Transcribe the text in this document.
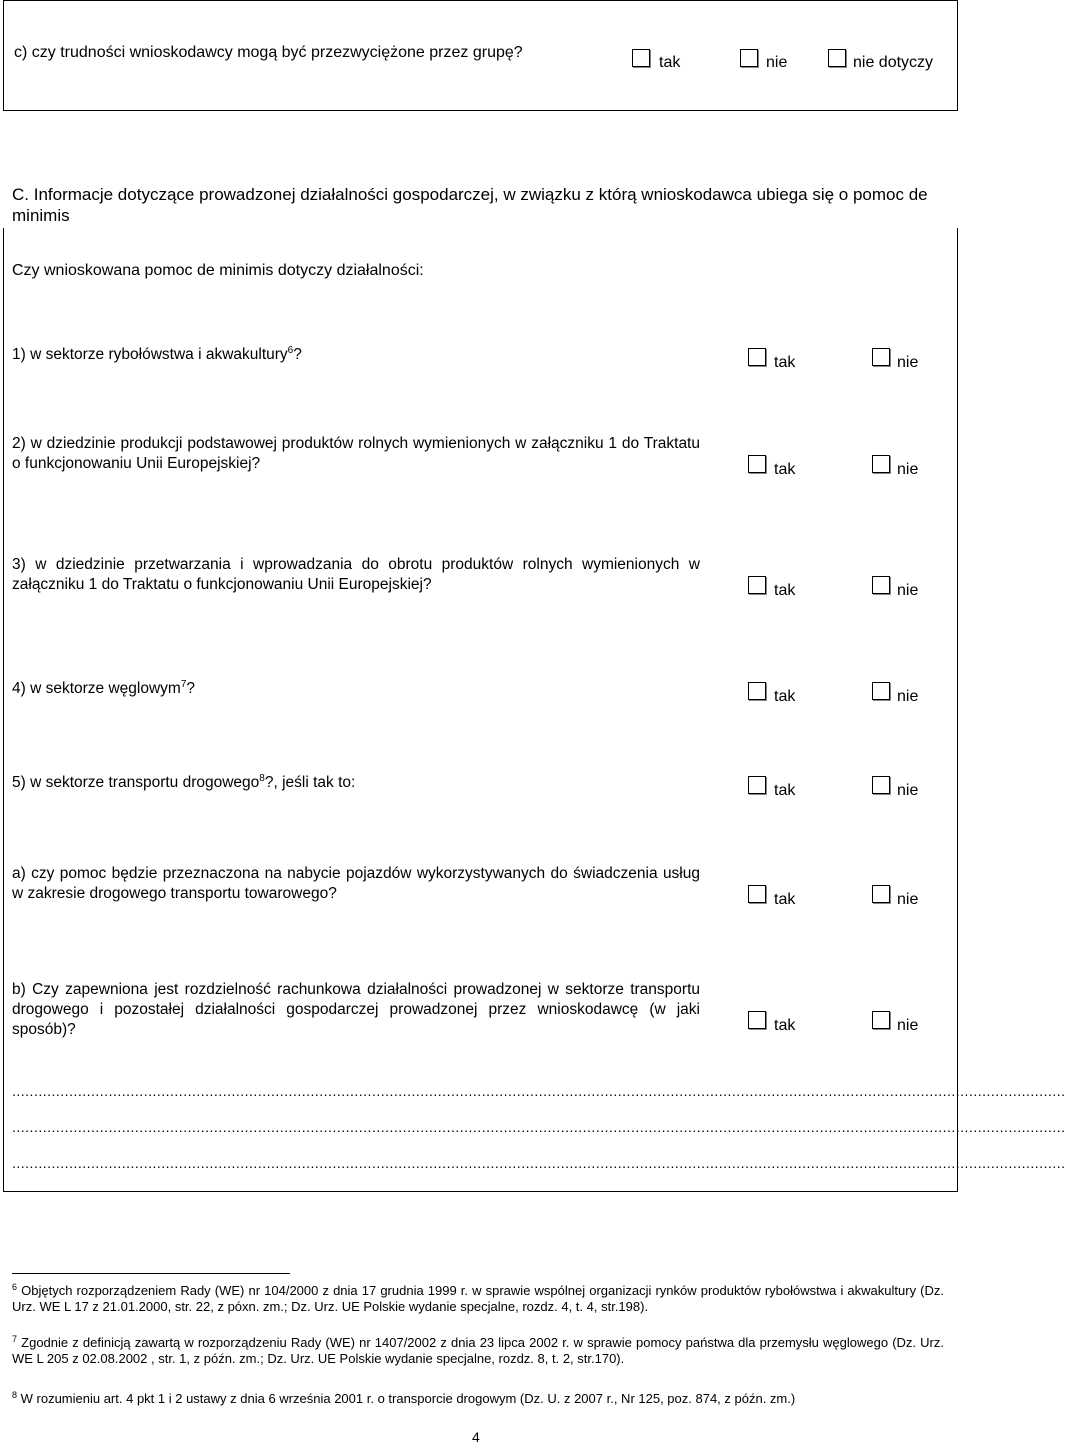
c) czy trudności wnioskodawcy mogą być przezwyciężone przez grupę?
tak	nie	nie dotyczy
C. Informacje dotyczące prowadzonej działalności gospodarczej, w związku z którą wnioskodawca ubiega się o pomoc de minimis
Czy wnioskowana pomoc de minimis dotyczy działalności:
1) w sektorze rybołówstwa i akwakultury$^6$?	tak	nie
2) w dziedzinie produkcji podstawowej produktów rolnych wymienionych w załączniku 1 do Traktatu o funkcjonowaniu Unii Europejskiej?	tak	nie
3) w dziedzinie przetwarzania i wprowadzania do obrotu produktów rolnych wymienionych w załączniku 1 do Traktatu o funkcjonowaniu Unii Europejskiej?	tak	nie
4) w sektorze węglowym$^7$?	tak	nie
5) w sektorze transportu drogowego$^8$?, jeśli tak to:	tak	nie
a) czy pomoc będzie przeznaczona na nabycie pojazdów wykorzystywanych do świadczenia usług w zakresie drogowego transportu towarowego?	tak	nie
b) Czy zapewniona jest rozdzielność rachunkowa działalności prowadzonej w sektorze transportu drogowego i pozostałej działalności gospodarczej prowadzonej przez wnioskodawcę (w jaki sposób)?	tak	nie
................................................................................................................................................................................................................................................
................................................................................................................................................................................................................................................
................................................................................................................................................................................................................................................
$^6$ Objętych rozporządzeniem Rady (WE) nr 104/2000 z dnia 17 grudnia 1999 r. w sprawie wspólnej organizacji rynków produktów rybołówstwa i akwakultury (Dz. Urz. WE L 17 z 21.01.2000, str. 22, z póxn. zm.; Dz. Urz. UE Polskie wydanie specjalne, rozdz. 4, t. 4, str.198).
$^7$ Zgodnie z definicją zawartą w rozporządzeniu Rady (WE) nr 1407/2002 z dnia 23 lipca 2002 r. w sprawie pomocy państwa dla przemysłu węglowego (Dz. Urz. WE L 205 z 02.08.2002 , str. 1, z późn. zm.; Dz. Urz. UE Polskie wydanie specjalne, rozdz. 8, t. 2, str.170).
$^8$ W rozumieniu art. 4 pkt 1 i 2 ustawy z dnia 6 września 2001 r. o transporcie drogowym (Dz. U. z 2007 r., Nr 125, poz. 874, z późn. zm.)
4
